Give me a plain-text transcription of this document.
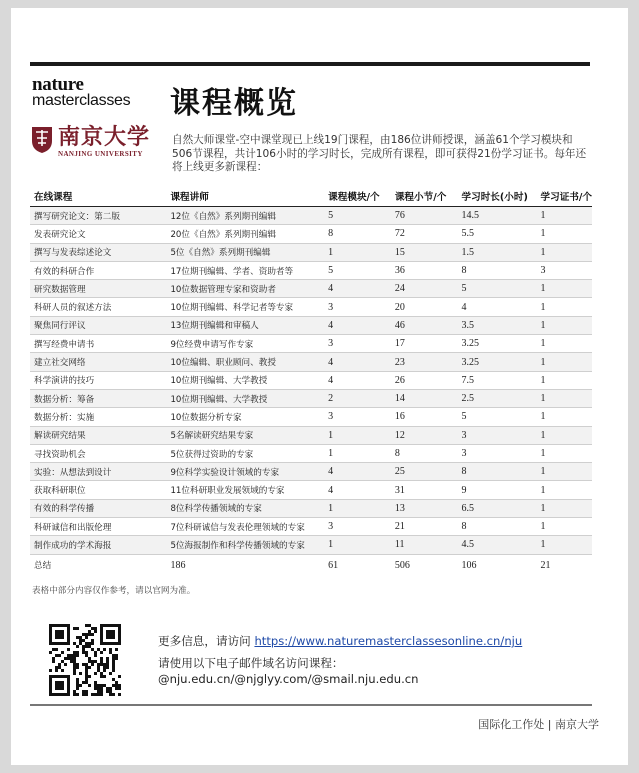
nature
masterclasses 课程概览
南京大学
NANJING UNIVERSITY
自然大师课堂-空中课堂现已上线19门课程，由186位讲师授课，涵盖61个学习模块和506节课程，共计106小时的学习时长，完成所有课程，即可获得21份学习证书。每年还将上线更多新课程：
在线课程	课程讲师	课程模块/个	课程小节/个	学习时长(小时)	学习证书/个
撰写研究论文：第二版	12位《自然》系列期刊编辑	5	76	14.5	1
发表研究论文	20位《自然》系列期刊编辑	8	72	5.5	1
撰写与发表综述论文	5位《自然》系列期刊编辑	1	15	1.5	1
有效的科研合作	17位期刊编辑、学者、资助者等	5	36	8	3
研究数据管理	10位数据管理专家和资助者	4	24	5	1
科研人员的叙述方法	10位期刊编辑、科学记者等专家	3	20	4	1
聚焦同行评议	13位期刊编辑和审稿人	4	46	3.5	1
撰写经费申请书	9位经费申请写作专家	3	17	3.25	1
建立社交网络	10位编辑、职业顾问、教授	4	23	3.25	1
科学演讲的技巧	10位期刊编辑、大学教授	4	26	7.5	1
数据分析：筹备	10位期刊编辑、大学教授	2	14	2.5	1
数据分析：实施	10位数据分析专家	3	16	5	1
解读研究结果	5名解读研究结果专家	1	12	3	1
寻找资助机会	5位获得过资助的专家	1	8	3	1
实验：从想法到设计	9位科学实验设计领域的专家	4	25	8	1
获取科研职位	11位科研职业发展领域的专家	4	31	9	1
有效的科学传播	8位科学传播领域的专家	1	13	6.5	1
科研诚信和出版伦理	7位科研诚信与发表伦理领域的专家	3	21	8	1
制作成功的学术海报	5位海报制作和科学传播领域的专家	1	11	4.5	1
总结	186	61	506	106	21
表格中部分内容仅作参考，请以官网为准。
更多信息，请访问 https://www.naturemasterclassesonline.cn/nju
请使用以下电子邮件域名访问课程：
@nju.edu.cn/@njglyy.com/@smail.nju.edu.cn
国际化工作处 | 南京大学
